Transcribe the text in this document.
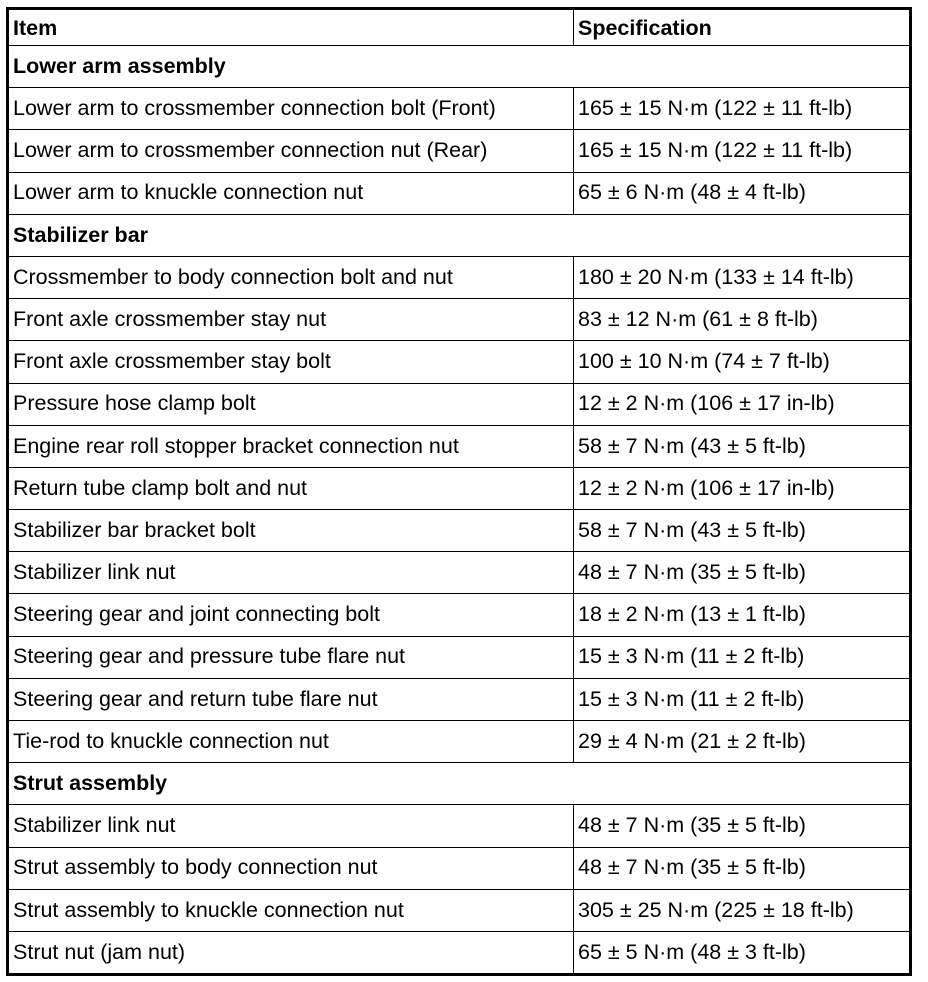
Item	Specification
Lower arm assembly	
Lower arm to crossmember connection bolt (Front)	165 ± 15 N·m (122 ± 11 ft-lb)
Lower arm to crossmember connection nut (Rear)	165 ± 15 N·m (122 ± 11 ft-lb)
Lower arm to knuckle connection nut	65 ± 6 N·m (48 ± 4 ft-lb)
Stabilizer bar	
Crossmember to body connection bolt and nut	180 ± 20 N·m (133 ± 14 ft-lb)
Front axle crossmember stay nut	83 ± 12 N·m (61 ± 8 ft-lb)
Front axle crossmember stay bolt	100 ± 10 N·m (74 ± 7 ft-lb)
Pressure hose clamp bolt	12 ± 2 N·m (106 ± 17 in-lb)
Engine rear roll stopper bracket connection nut	58 ± 7 N·m (43 ± 5 ft-lb)
Return tube clamp bolt and nut	12 ± 2 N·m (106 ± 17 in-lb)
Stabilizer bar bracket bolt	58 ± 7 N·m (43 ± 5 ft-lb)
Stabilizer link nut	48 ± 7 N·m (35 ± 5 ft-lb)
Steering gear and joint connecting bolt	18 ± 2 N·m (13 ± 1 ft-lb)
Steering gear and pressure tube flare nut	15 ± 3 N·m (11 ± 2 ft-lb)
Steering gear and return tube flare nut	15 ± 3 N·m (11 ± 2 ft-lb)
Tie-rod to knuckle connection nut	29 ± 4 N·m (21 ± 2 ft-lb)
Strut assembly	
Stabilizer link nut	48 ± 7 N·m (35 ± 5 ft-lb)
Strut assembly to body connection nut	48 ± 7 N·m (35 ± 5 ft-lb)
Strut assembly to knuckle connection nut	305 ± 25 N·m (225 ± 18 ft-lb)
Strut nut (jam nut)	65 ± 5 N·m (48 ± 3 ft-lb)
